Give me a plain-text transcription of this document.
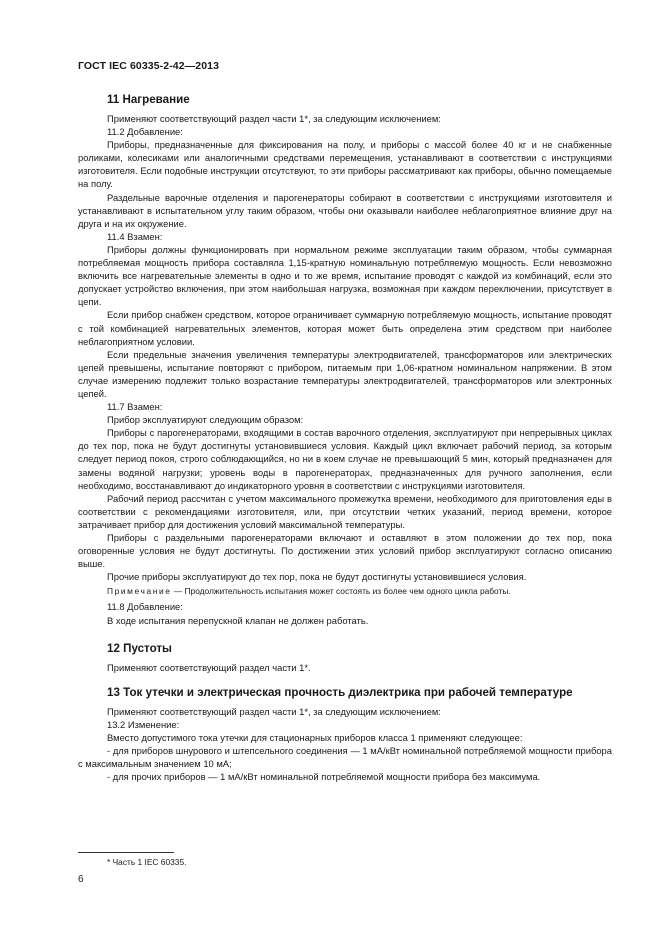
ГОСТ IEC 60335-2-42—2013
11 Нагревание

Применяют соответствующий раздел части 1*, за следующим исключением:

11.2 Добавление:

Приборы, предназначенные для фиксирования на полу, и приборы с массой более 40 кг и не снабженные роликами, колесиками или аналогичными средствами перемещения, устанавливают в соответствии с инструкциями изготовителя. Если подобные инструкции отсутствуют, то эти приборы рассматривают как приборы, обычно помещаемые на полу.

Раздельные варочные отделения и парогенераторы собирают в соответствии с инструкциями изготовителя и устанавливают в испытательном углу таким образом, чтобы они оказывали наиболее неблагоприятное влияние друг на друга и на их окружение.

11.4 Взамен:

Приборы должны функционировать при нормальном режиме эксплуатации таким образом, чтобы суммарная потребляемая мощность прибора составляла 1,15-кратную номинальную потребляемую мощность. Если невозможно включить все нагревательные элементы в одно и то же время, испытание проводят с каждой из комбинаций, если это допускает устройство включения, при этом наибольшая нагрузка, возможная при каждом переключении, присутствует в цепи.

Если прибор снабжен средством, которое ограничивает суммарную потребляемую мощность, испытание проводят с той комбинацией нагревательных элементов, которая может быть определена этим средством при наиболее неблагоприятном условии.

Если предельные значения увеличения температуры электродвигателей, трансформаторов или электрических цепей превышены, испытание повторяют с прибором, питаемым при 1,06-кратном номинальном напряжении. В этом случае измерению подлежит только возрастание температуры электродвигателей, трансформаторов или электронных цепей.

11.7 Взамен:

Прибор эксплуатируют следующим образом:

Приборы с парогенераторами, входящими в состав варочного отделения, эксплуатируют при непрерывных циклах до тех пор, пока не будут достигнуты установившиеся условия. Каждый цикл включает рабочий период, за которым следует период покоя, строго соблюдающийся, но ни в коем случае не превышающий 5 мин, который предназначен для замены водяной нагрузки; уровень воды в парогенераторах, предназначенных для ручного заполнения, если необходимо, восстанавливают до индикаторного уровня в соответствии с инструкциями изготовителя.

Рабочий период рассчитан с учетом максимального промежутка времени, необходимого для приготовления еды в соответствии с рекомендациями изготовителя, или, при отсутствии четких указаний, период времени, которое затрачивает прибор для достижения условий максимальной температуры.

Приборы с раздельными парогенераторами включают и оставляют в этом положении до тех пор, пока оговоренные условия не будут достигнуты. По достижении этих условий прибор эксплуатируют согласно описанию выше.

Прочие приборы эксплуатируют до тех пор, пока не будут достигнуты установившиеся условия.

Примечание — Продолжительность испытания может состоять из более чем одного цикла работы.

11.8 Добавление:

В ходе испытания перепускной клапан не должен работать.

12 Пустоты

Применяют соответствующий раздел части 1*.

13 Ток утечки и электрическая прочность диэлектрика при рабочей температуре

Применяют соответствующий раздел части 1*, за следующим исключением:

13.2 Изменение:

Вместо допустимого тока утечки для стационарных приборов класса 1 применяют следующее:

- для приборов шнурового и штепсельного соединения — 1 мА/кВт номинальной потребляемой мощности прибора с максимальным значением 10 мА;

- для прочих приборов — 1 мА/кВт номинальной потребляемой мощности прибора без максимума.

* Часть 1 IEC 60335.
6
